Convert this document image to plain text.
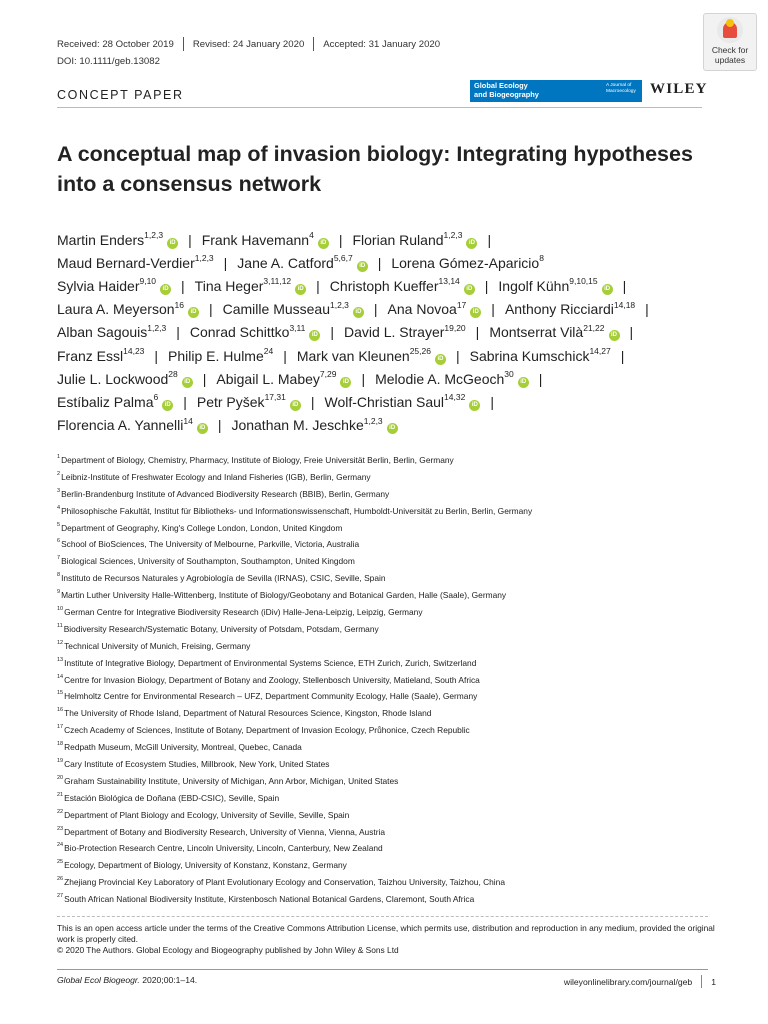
Received: 28 October 2019 Revised: 24 January 2020 Accepted: 31 January 2020
DOI: 10.1111/geb.13082
Check for updates
CONCEPT PAPER
Global Ecology
and Biogeography
A Journal of Macroecology WILEY
A conceptual map of invasion biology: Integrating hypotheses into a consensus network
Martin Enders$^{1,2,3}$iD | Frank Havemann$^4$iD | Florian Ruland$^{1,2,3}$iD |
Maud Bernard-Verdier$^{1,2,3}$ | Jane A. Catford$^{5,6,7}$iD | Lorena Gómez-Aparicio$^8$
Sylvia Haider$^{9,10}$iD | Tina Heger$^{3,11,12}$iD | Christoph Kueffer$^{13,14}$iD | Ingolf Kühn$^{9,10,15}$iD |
Laura A. Meyerson$^{16}$iD | Camille Musseau$^{1,2,3}$iD | Ana Novoa$^{17}$iD | Anthony Ricciardi$^{14,18}$ |
Alban Sagouis$^{1,2,3}$ | Conrad Schittko$^{3,11}$iD | David L. Strayer$^{19,20}$ | Montserrat Vilà$^{21,22}$iD |
Franz Essl$^{14,23}$ | Philip E. Hulme$^{24}$ | Mark van Kleunen$^{25,26}$iD | Sabrina Kumschick$^{14,27}$ |
Julie L. Lockwood$^{28}$iD | Abigail L. Mabey$^{7,29}$iD | Melodie A. McGeoch$^{30}$iD |
Estíbaliz Palma$^6$iD | Petr Pyšek$^{17,31}$iD | Wolf-Christian Saul$^{14,32}$iD |
Florencia A. Yannelli$^{14}$iD | Jonathan M. Jeschke$^{1,2,3}$iD
$^1$Department of Biology, Chemistry, Pharmacy, Institute of Biology, Freie Universität Berlin, Berlin, Germany
$^2$Leibniz-Institute of Freshwater Ecology and Inland Fisheries (IGB), Berlin, Germany
$^3$Berlin-Brandenburg Institute of Advanced Biodiversity Research (BBIB), Berlin, Germany
$^4$Philosophische Fakultät, Institut für Bibliotheks- und Informationswissenschaft, Humboldt-Universität zu Berlin, Berlin, Germany
$^5$Department of Geography, King's College London, London, United Kingdom
$^6$School of BioSciences, The University of Melbourne, Parkville, Victoria, Australia
$^7$Biological Sciences, University of Southampton, Southampton, United Kingdom
$^8$Instituto de Recursos Naturales y Agrobiología de Sevilla (IRNAS), CSIC, Seville, Spain
$^9$Martin Luther University Halle-Wittenberg, Institute of Biology/Geobotany and Botanical Garden, Halle (Saale), Germany
$^{10}$German Centre for Integrative Biodiversity Research (iDiv) Halle-Jena-Leipzig, Leipzig, Germany
$^{11}$Biodiversity Research/Systematic Botany, University of Potsdam, Potsdam, Germany
$^{12}$Technical University of Munich, Freising, Germany
$^{13}$Institute of Integrative Biology, Department of Environmental Systems Science, ETH Zurich, Zurich, Switzerland
$^{14}$Centre for Invasion Biology, Department of Botany and Zoology, Stellenbosch University, Matieland, South Africa
$^{15}$Helmholtz Centre for Environmental Research – UFZ, Department Community Ecology, Halle (Saale), Germany
$^{16}$The University of Rhode Island, Department of Natural Resources Science, Kingston, Rhode Island
$^{17}$Czech Academy of Sciences, Institute of Botany, Department of Invasion Ecology, Průhonice, Czech Republic
$^{18}$Redpath Museum, McGill University, Montreal, Quebec, Canada
$^{19}$Cary Institute of Ecosystem Studies, Millbrook, New York, United States
$^{20}$Graham Sustainability Institute, University of Michigan, Ann Arbor, Michigan, United States
$^{21}$Estación Biológica de Doñana (EBD-CSIC), Seville, Spain
$^{22}$Department of Plant Biology and Ecology, University of Seville, Seville, Spain
$^{23}$Department of Botany and Biodiversity Research, University of Vienna, Vienna, Austria
$^{24}$Bio-Protection Research Centre, Lincoln University, Lincoln, Canterbury, New Zealand
$^{25}$Ecology, Department of Biology, University of Konstanz, Konstanz, Germany
$^{26}$Zhejiang Provincial Key Laboratory of Plant Evolutionary Ecology and Conservation, Taizhou University, Taizhou, China
$^{27}$South African National Biodiversity Institute, Kirstenbosch National Botanical Gardens, Claremont, South Africa
This is an open access article under the terms of the Creative Commons Attribution License, which permits use, distribution and reproduction in any medium, provided the original work is properly cited.
© 2020 The Authors. Global Ecology and Biogeography published by John Wiley & Sons Ltd
Global Ecol Biogeogr. 2020;00:1–14.	wileyonlinelibrary.com/journal/geb 1
